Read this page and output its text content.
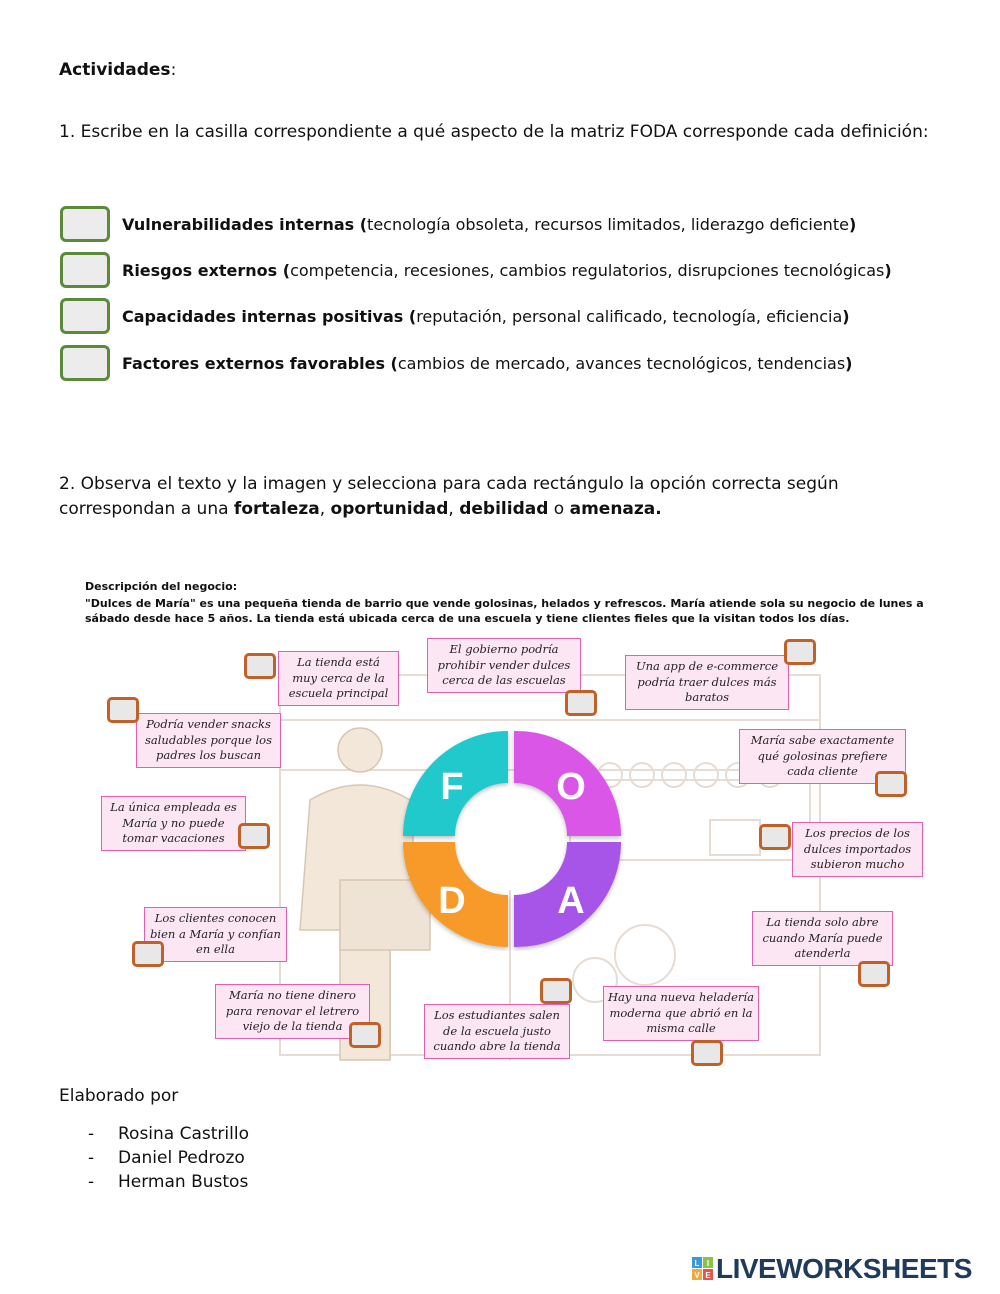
Actividades:
1. Escribe en la casilla correspondiente a qué aspecto de la matriz FODA corresponde cada definición:
Vulnerabilidades internas (tecnología obsoleta, recursos limitados, liderazgo deficiente)
Riesgos externos (competencia, recesiones, cambios regulatorios, disrupciones tecnológicas)
Capacidades internas positivas (reputación, personal calificado, tecnología, eficiencia)
Factores externos favorables (cambios de mercado, avances tecnológicos, tendencias)
2. Observa el texto y la imagen y selecciona para cada rectángulo la opción correcta según correspondan a una fortaleza, oportunidad, debilidad o amenaza.
Descripción del negocio:
"Dulces de María" es una pequeña tienda de barrio que vende golosinas, helados y refrescos. María atiende sola su negocio de lunes a sábado desde hace 5 años. La tienda está ubicada cerca de una escuela y tiene clientes fieles que la visitan todos los días.
F O
D A
La tienda está muy cerca de la escuela principal
El gobierno podría prohibir vender dulces cerca de las escuelas
Una app de e-commerce podría traer dulces más baratos
Podría vender snacks saludables porque los padres los buscan
María sabe exactamente qué golosinas prefiere cada cliente
La única empleada es María y no puede tomar vacaciones	Los precios de los dulces importados subieron mucho
Los clientes conocen bien a María y confían en ella
La tienda solo abre cuando María puede atenderla
María no tiene dinero para renovar el letrero viejo de la tienda
Los estudiantes salen de la escuela justo cuando abre la tienda
Hay una nueva heladería moderna que abrió en la misma calle
Elaborado por
- Rosina Castrillo
- Daniel Pedrozo
- Herman Bustos
L I
V E LIVEWORKSHEETS
